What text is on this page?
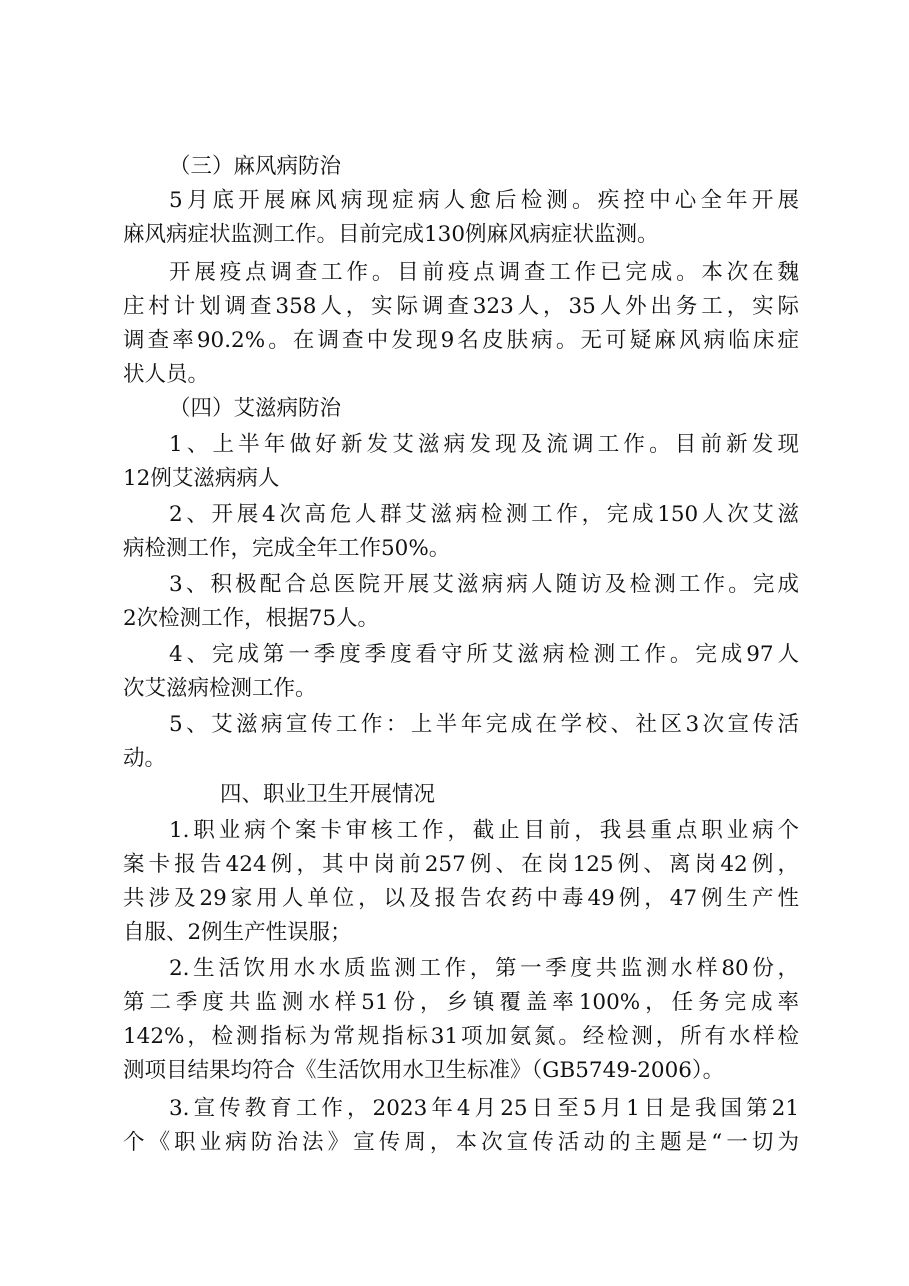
（三）麻风病防治
5月底开展麻风病现症病人愈后检测。疾控中心全年开展
麻风病症状监测工作。目前完成130例麻风病症状监测。
开展疫点调查工作。目前疫点调查工作已完成。本次在魏
庄村计划调查358人，实际调查323人，35人外出务工，实际
调查率90.2%。在调查中发现9名皮肤病。无可疑麻风病临床症
状人员。
（四）艾滋病防治
1、上半年做好新发艾滋病发现及流调工作。目前新发现
12例艾滋病病人
2、开展4次高危人群艾滋病检测工作，完成150人次艾滋
病检测工作，完成全年工作50%。
3、积极配合总医院开展艾滋病病人随访及检测工作。完成
2次检测工作，根据75人。
4、完成第一季度季度看守所艾滋病检测工作。完成97人
次艾滋病检测工作。
5、艾滋病宣传工作：上半年完成在学校、社区3次宣传活
动。
四、职业卫生开展情况
1.职业病个案卡审核工作，截止目前，我县重点职业病个
案卡报告424例，其中岗前257例、在岗125例、离岗42例，
共涉及29家用人单位，以及报告农药中毒49例，47例生产性
自服、2例生产性误服；
2.生活饮用水水质监测工作，第一季度共监测水样80份，
第二季度共监测水样51份，乡镇覆盖率100%，任务完成率
142%，检测指标为常规指标31项加氨氮。经检测，所有水样检
测项目结果均符合《生活饮用水卫生标准》（GB5749-2006）。
3.宣传教育工作，2023年4月25日至5月1日是我国第21
个《职业病防治法》宣传周，本次宣传活动的主题是“一切为
